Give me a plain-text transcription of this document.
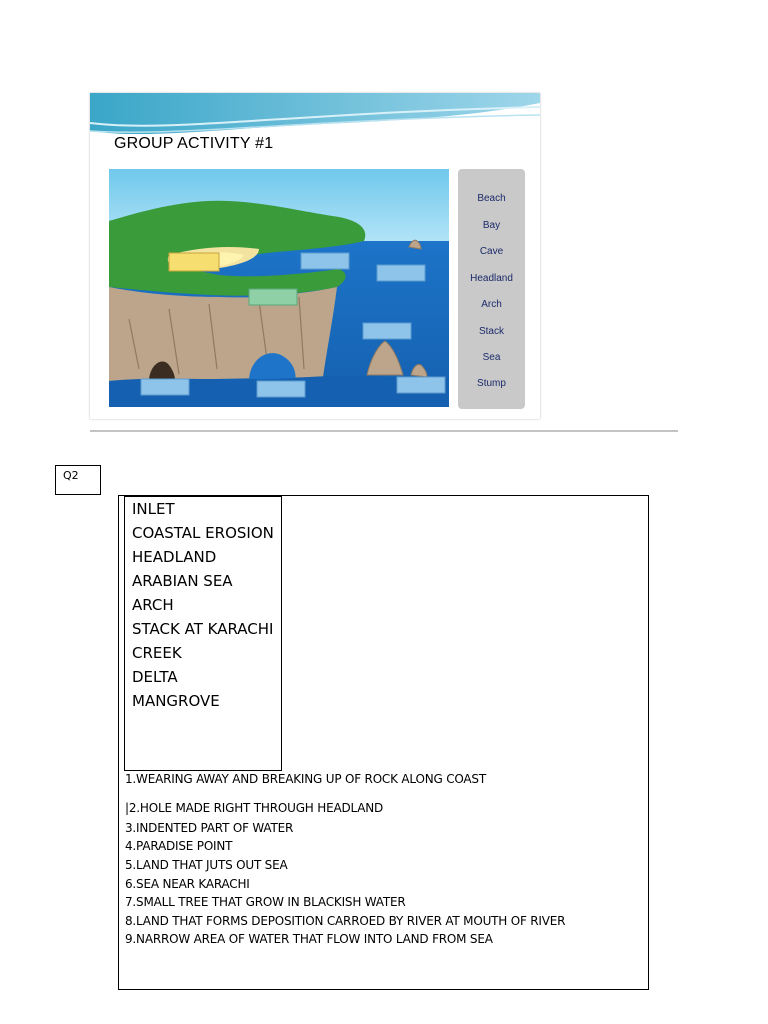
GROUP ACTIVITY #1
Beach
Bay
Cave
Headland
Arch
Stack
Sea
Stump
Q2
INLET
COASTAL EROSION
HEADLAND
ARABIAN SEA
ARCH
STACK AT KARACHI
CREEK
DELTA
MANGROVE
1.WEARING AWAY AND BREAKING UP OF ROCK ALONG COAST
|2.HOLE MADE RIGHT THROUGH HEADLAND
3.INDENTED PART OF WATER
4.PARADISE POINT
5.LAND THAT JUTS OUT SEA
6.SEA NEAR KARACHI
7.SMALL TREE THAT GROW IN BLACKISH WATER
8.LAND THAT FORMS DEPOSITION CARROED BY RIVER AT MOUTH OF RIVER
9.NARROW AREA OF WATER THAT FLOW INTO LAND FROM SEA
